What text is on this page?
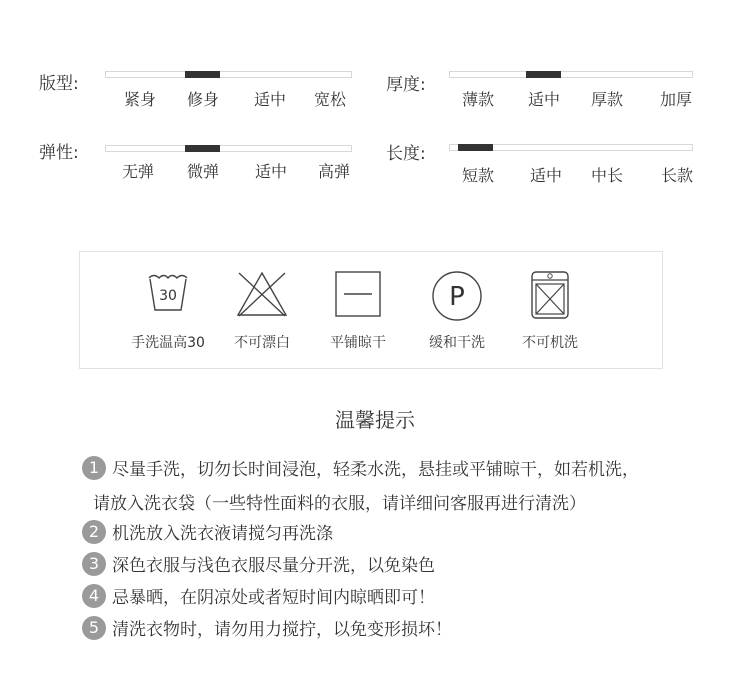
版型:
紧身 修身 适中 宽松
厚度:
薄款 适中 厚款 加厚
弹性:
无弹 微弹 适中 高弹
长度:
短款 适中 中长 长款
30
手洗温高30	不可漂白	平铺晾干
P
缓和干洗	不可机洗
温馨提示
1 尽量手洗，切勿长时间浸泡，轻柔水洗，悬挂或平铺晾干，如若机洗，
请放入洗衣袋（一些特性面料的衣服，请详细问客服再进行清洗）
2 机洗放入洗衣液请搅匀再洗涤
3 深色衣服与浅色衣服尽量分开洗，以免染色
4 忌暴晒，在阴凉处或者短时间内晾晒即可！
5 清洗衣物时，请勿用力搅拧，以免变形损坏！
